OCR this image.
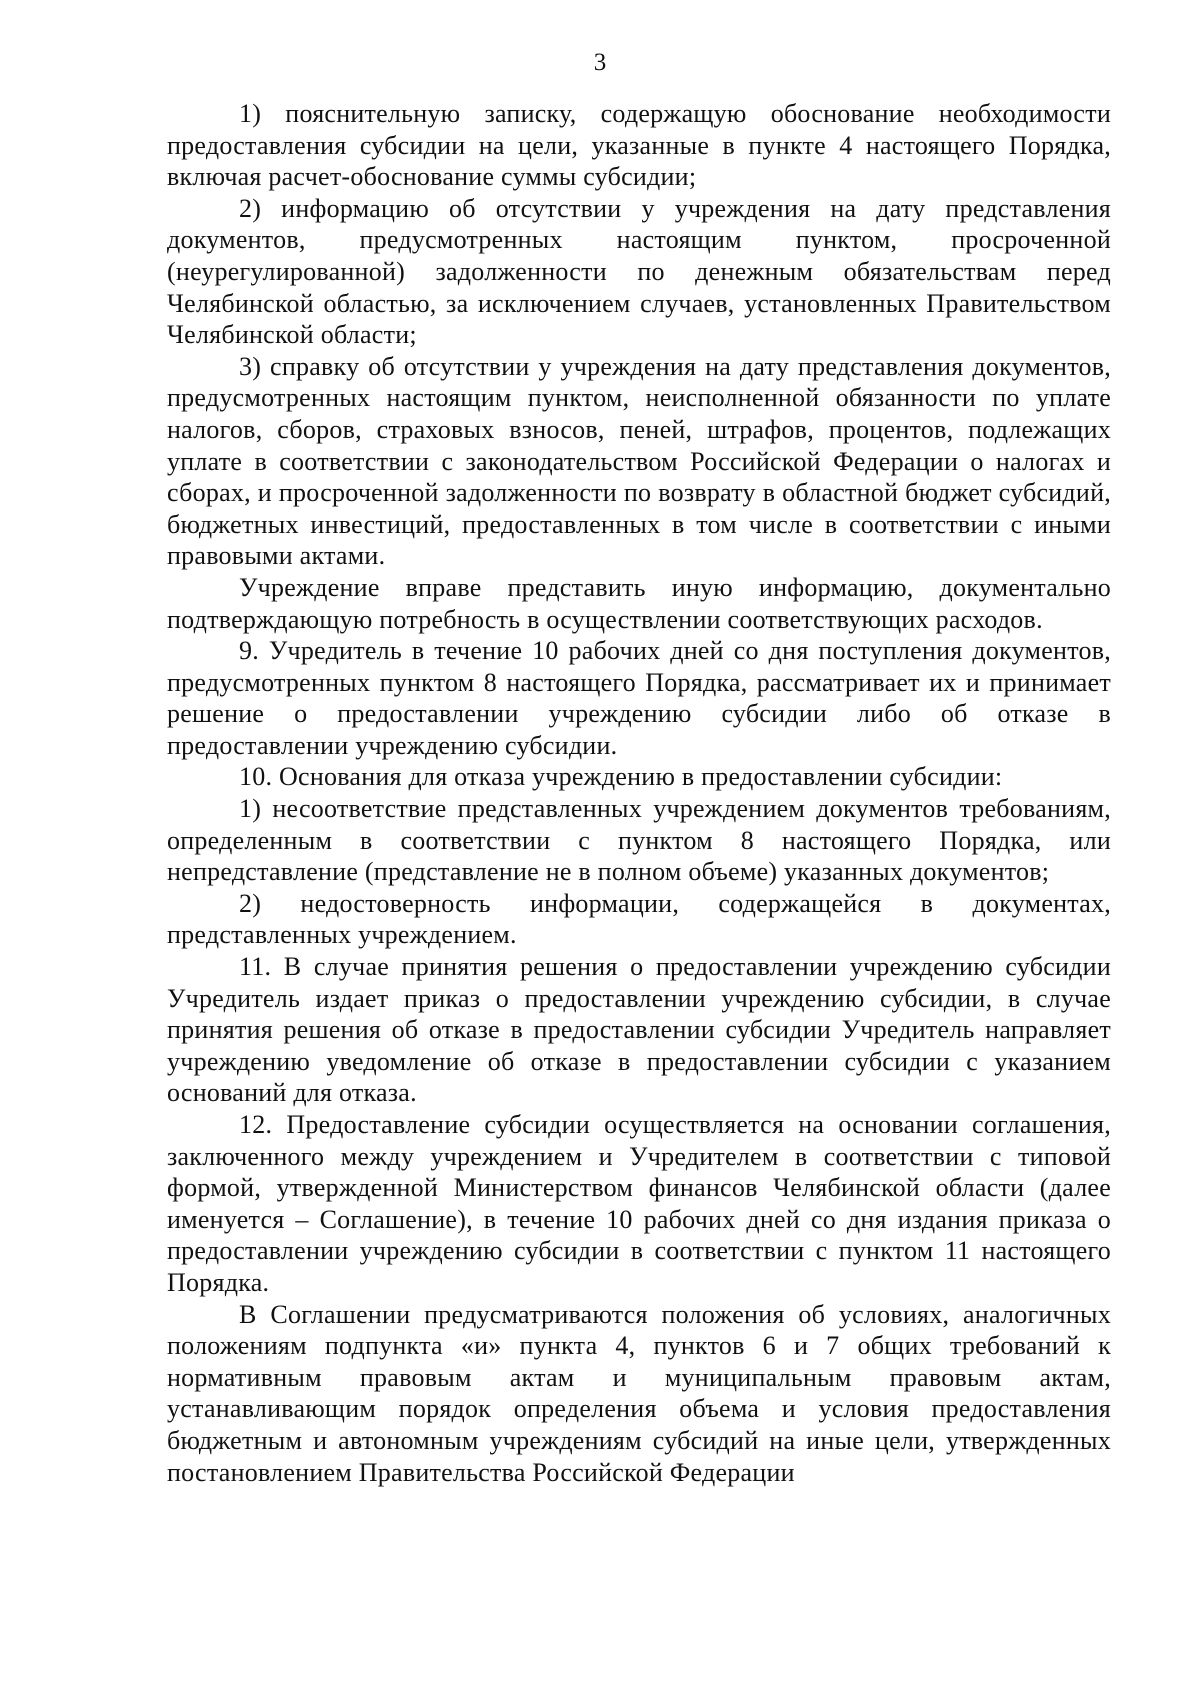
3

1) пояснительную записку, содержащую обоснование необходимости предоставления субсидии на цели, указанные в пункте 4 настоящего Порядка, включая расчет-обоснование суммы субсидии;

2) информацию об отсутствии у учреждения на дату представления документов, предусмотренных настоящим пунктом, просроченной (неурегулированной) задолженности по денежным обязательствам перед Челябинской областью, за исключением случаев, установленных Правительством Челябинской области;

3) справку об отсутствии у учреждения на дату представления документов, предусмотренных настоящим пунктом, неисполненной обязанности по уплате налогов, сборов, страховых взносов, пеней, штрафов, процентов, подлежащих уплате в соответствии с законодательством Российской Федерации о налогах и сборах, и просроченной задолженности по возврату в областной бюджет субсидий, бюджетных инвестиций, предоставленных в том числе в соответствии с иными правовыми актами.

Учреждение вправе представить иную информацию, документально подтверждающую потребность в осуществлении соответствующих расходов.

9. Учредитель в течение 10 рабочих дней со дня поступления документов, предусмотренных пунктом 8 настоящего Порядка, рассматривает их и принимает решение о предоставлении учреждению субсидии либо об отказе в предоставлении учреждению субсидии.

10. Основания для отказа учреждению в предоставлении субсидии:

1) несоответствие представленных учреждением документов требованиям, определенным в соответствии с пунктом 8 настоящего Порядка, или непредставление (представление не в полном объеме) указанных документов;

2) недостоверность информации, содержащейся в документах, представленных учреждением.

11. В случае принятия решения о предоставлении учреждению субсидии Учредитель издает приказ о предоставлении учреждению субсидии, в случае принятия решения об отказе в предоставлении субсидии Учредитель направляет учреждению уведомление об отказе в предоставлении субсидии с указанием оснований для отказа.

12. Предоставление субсидии осуществляется на основании соглашения, заключенного между учреждением и Учредителем в соответствии с типовой формой, утвержденной Министерством финансов Челябинской области (далее именуется – Соглашение), в течение 10 рабочих дней со дня издания приказа о предоставлении учреждению субсидии в соответствии с пунктом 11 настоящего Порядка.

В Соглашении предусматриваются положения об условиях, аналогичных положениям подпункта «и» пункта 4, пунктов 6 и 7 общих требований к нормативным правовым актам и муниципальным правовым актам, устанавливающим порядок определения объема и условия предоставления бюджетным и автономным учреждениям субсидий на иные цели, утвержденных постановлением Правительства Российской Федерации
